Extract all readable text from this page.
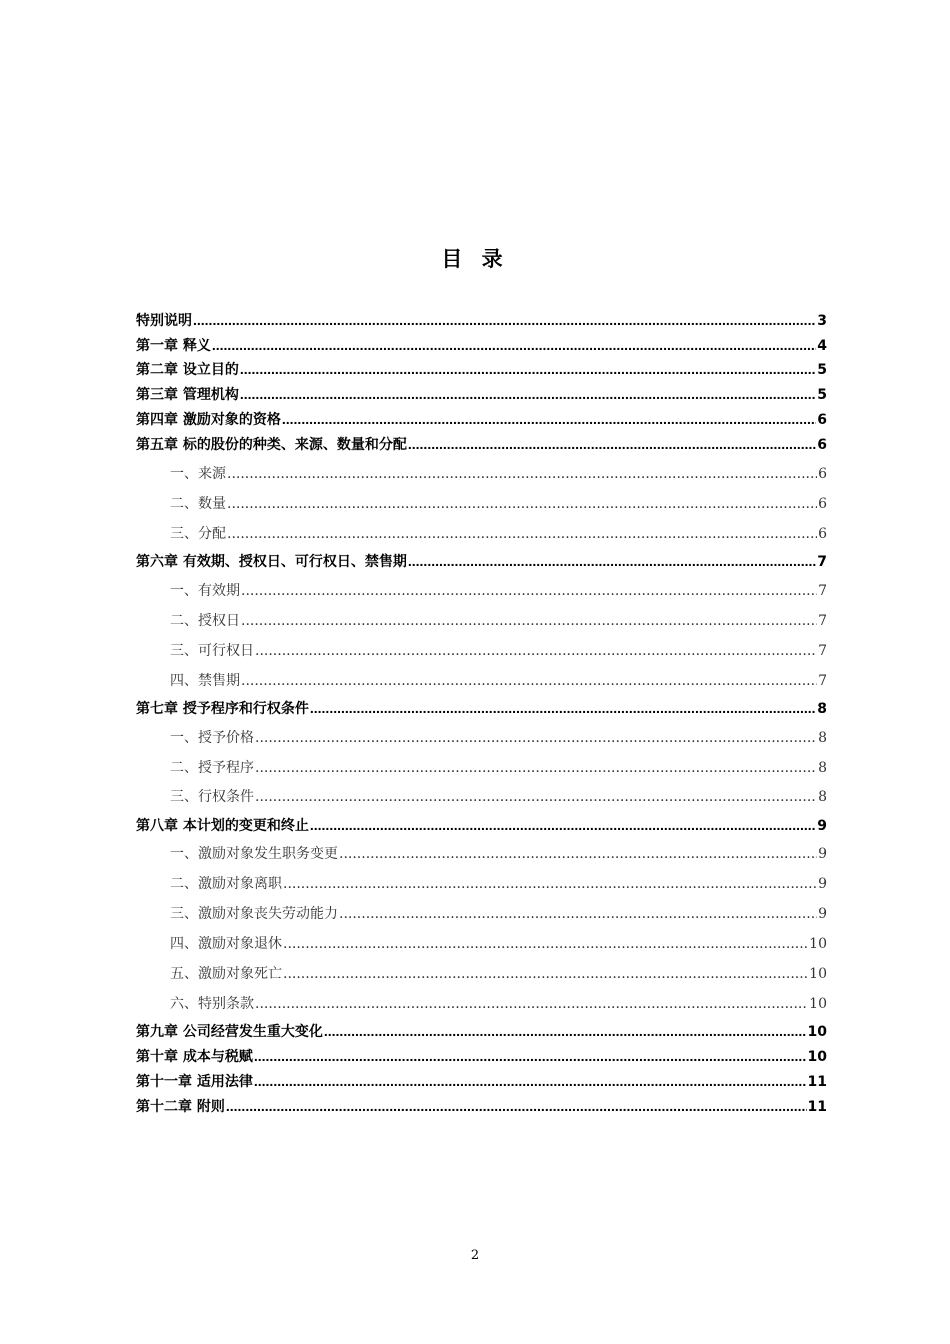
目 录
特别说明 .....	3
第一章 释义 .....	4
第二章 设立目的 .....	5
第三章 管理机构 .....	5
第四章 激励对象的资格 .....	6
第五章 标的股份的种类、来源、数量和分配 .....	6
一、来源 .....	6
二、数量 .....	6
三、分配 .....	6
第六章 有效期、授权日、可行权日、禁售期 .....	7
一、有效期 .....	7
二、授权日 .....	7
三、可行权日 .....	7
四、禁售期 .....	7
第七章 授予程序和行权条件 .....	8
一、授予价格 .....	8
二、授予程序 .....	8
三、行权条件 .....	8
第八章 本计划的变更和终止 .....	9
一、激励对象发生职务变更 .....	9
二、激励对象离职 .....	9
三、激励对象丧失劳动能力 .....	9
四、激励对象退休 .....	10
五、激励对象死亡 .....	10
六、特别条款 .....	10
第九章 公司经营发生重大变化 .....	10
第十章 成本与税赋 .....	10
第十一章 适用法律 .....	11
第十二章 附则 .....	11
2
